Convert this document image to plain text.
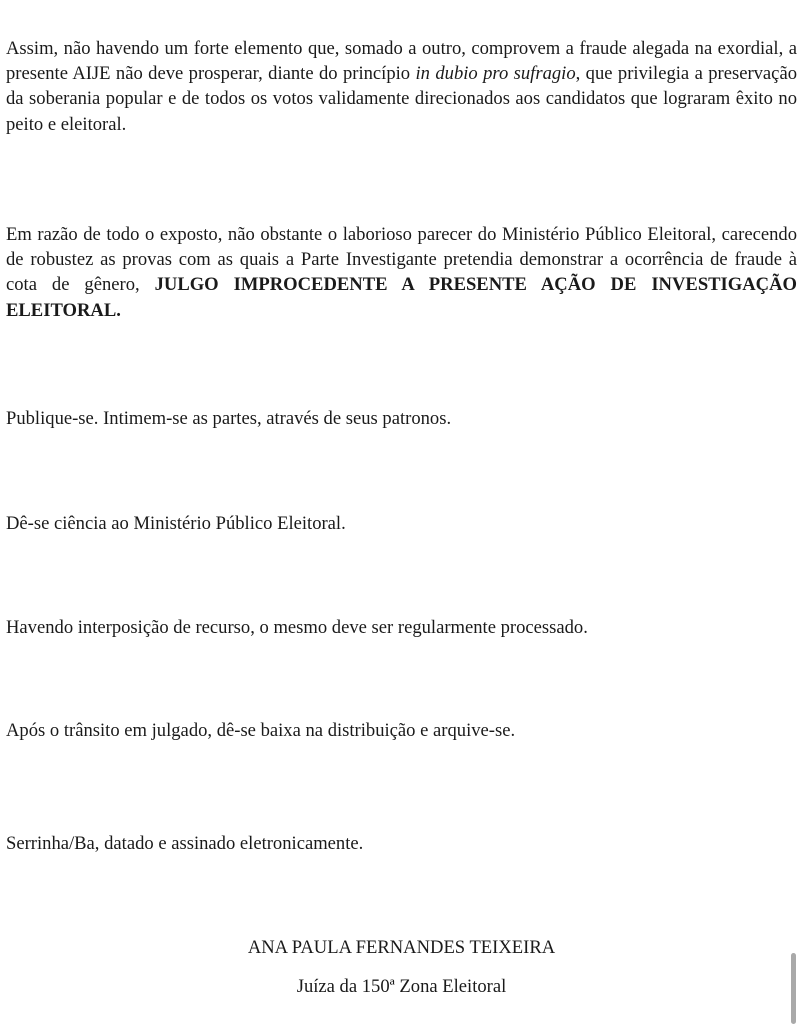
Assim, não havendo um forte elemento que, somado a outro, comprovem a fraude alegada na exordial, a presente AIJE não deve prosperar, diante do princípio in dubio pro sufragio, que privilegia a preservação da soberania popular e de todos os votos validamente direcionados aos candidatos que lograram êxito no peito e eleitoral.

Em razão de todo o exposto, não obstante o laborioso parecer do Ministério Público Eleitoral, carecendo de robustez as provas com as quais a Parte Investigante pretendia demonstrar a ocorrência de fraude à cota de gênero, JULGO IMPROCEDENTE A PRESENTE AÇÃO DE INVESTIGAÇÃO ELEITORAL.

Publique-se. Intimem-se as partes, através de seus patronos.

Dê-se ciência ao Ministério Público Eleitoral.

Havendo interposição de recurso, o mesmo deve ser regularmente processado.

Após o trânsito em julgado, dê-se baixa na distribuição e arquive-se.

Serrinha/Ba, datado e assinado eletronicamente.

ANA PAULA FERNANDES TEIXEIRA

Juíza da 150ª Zona Eleitoral
